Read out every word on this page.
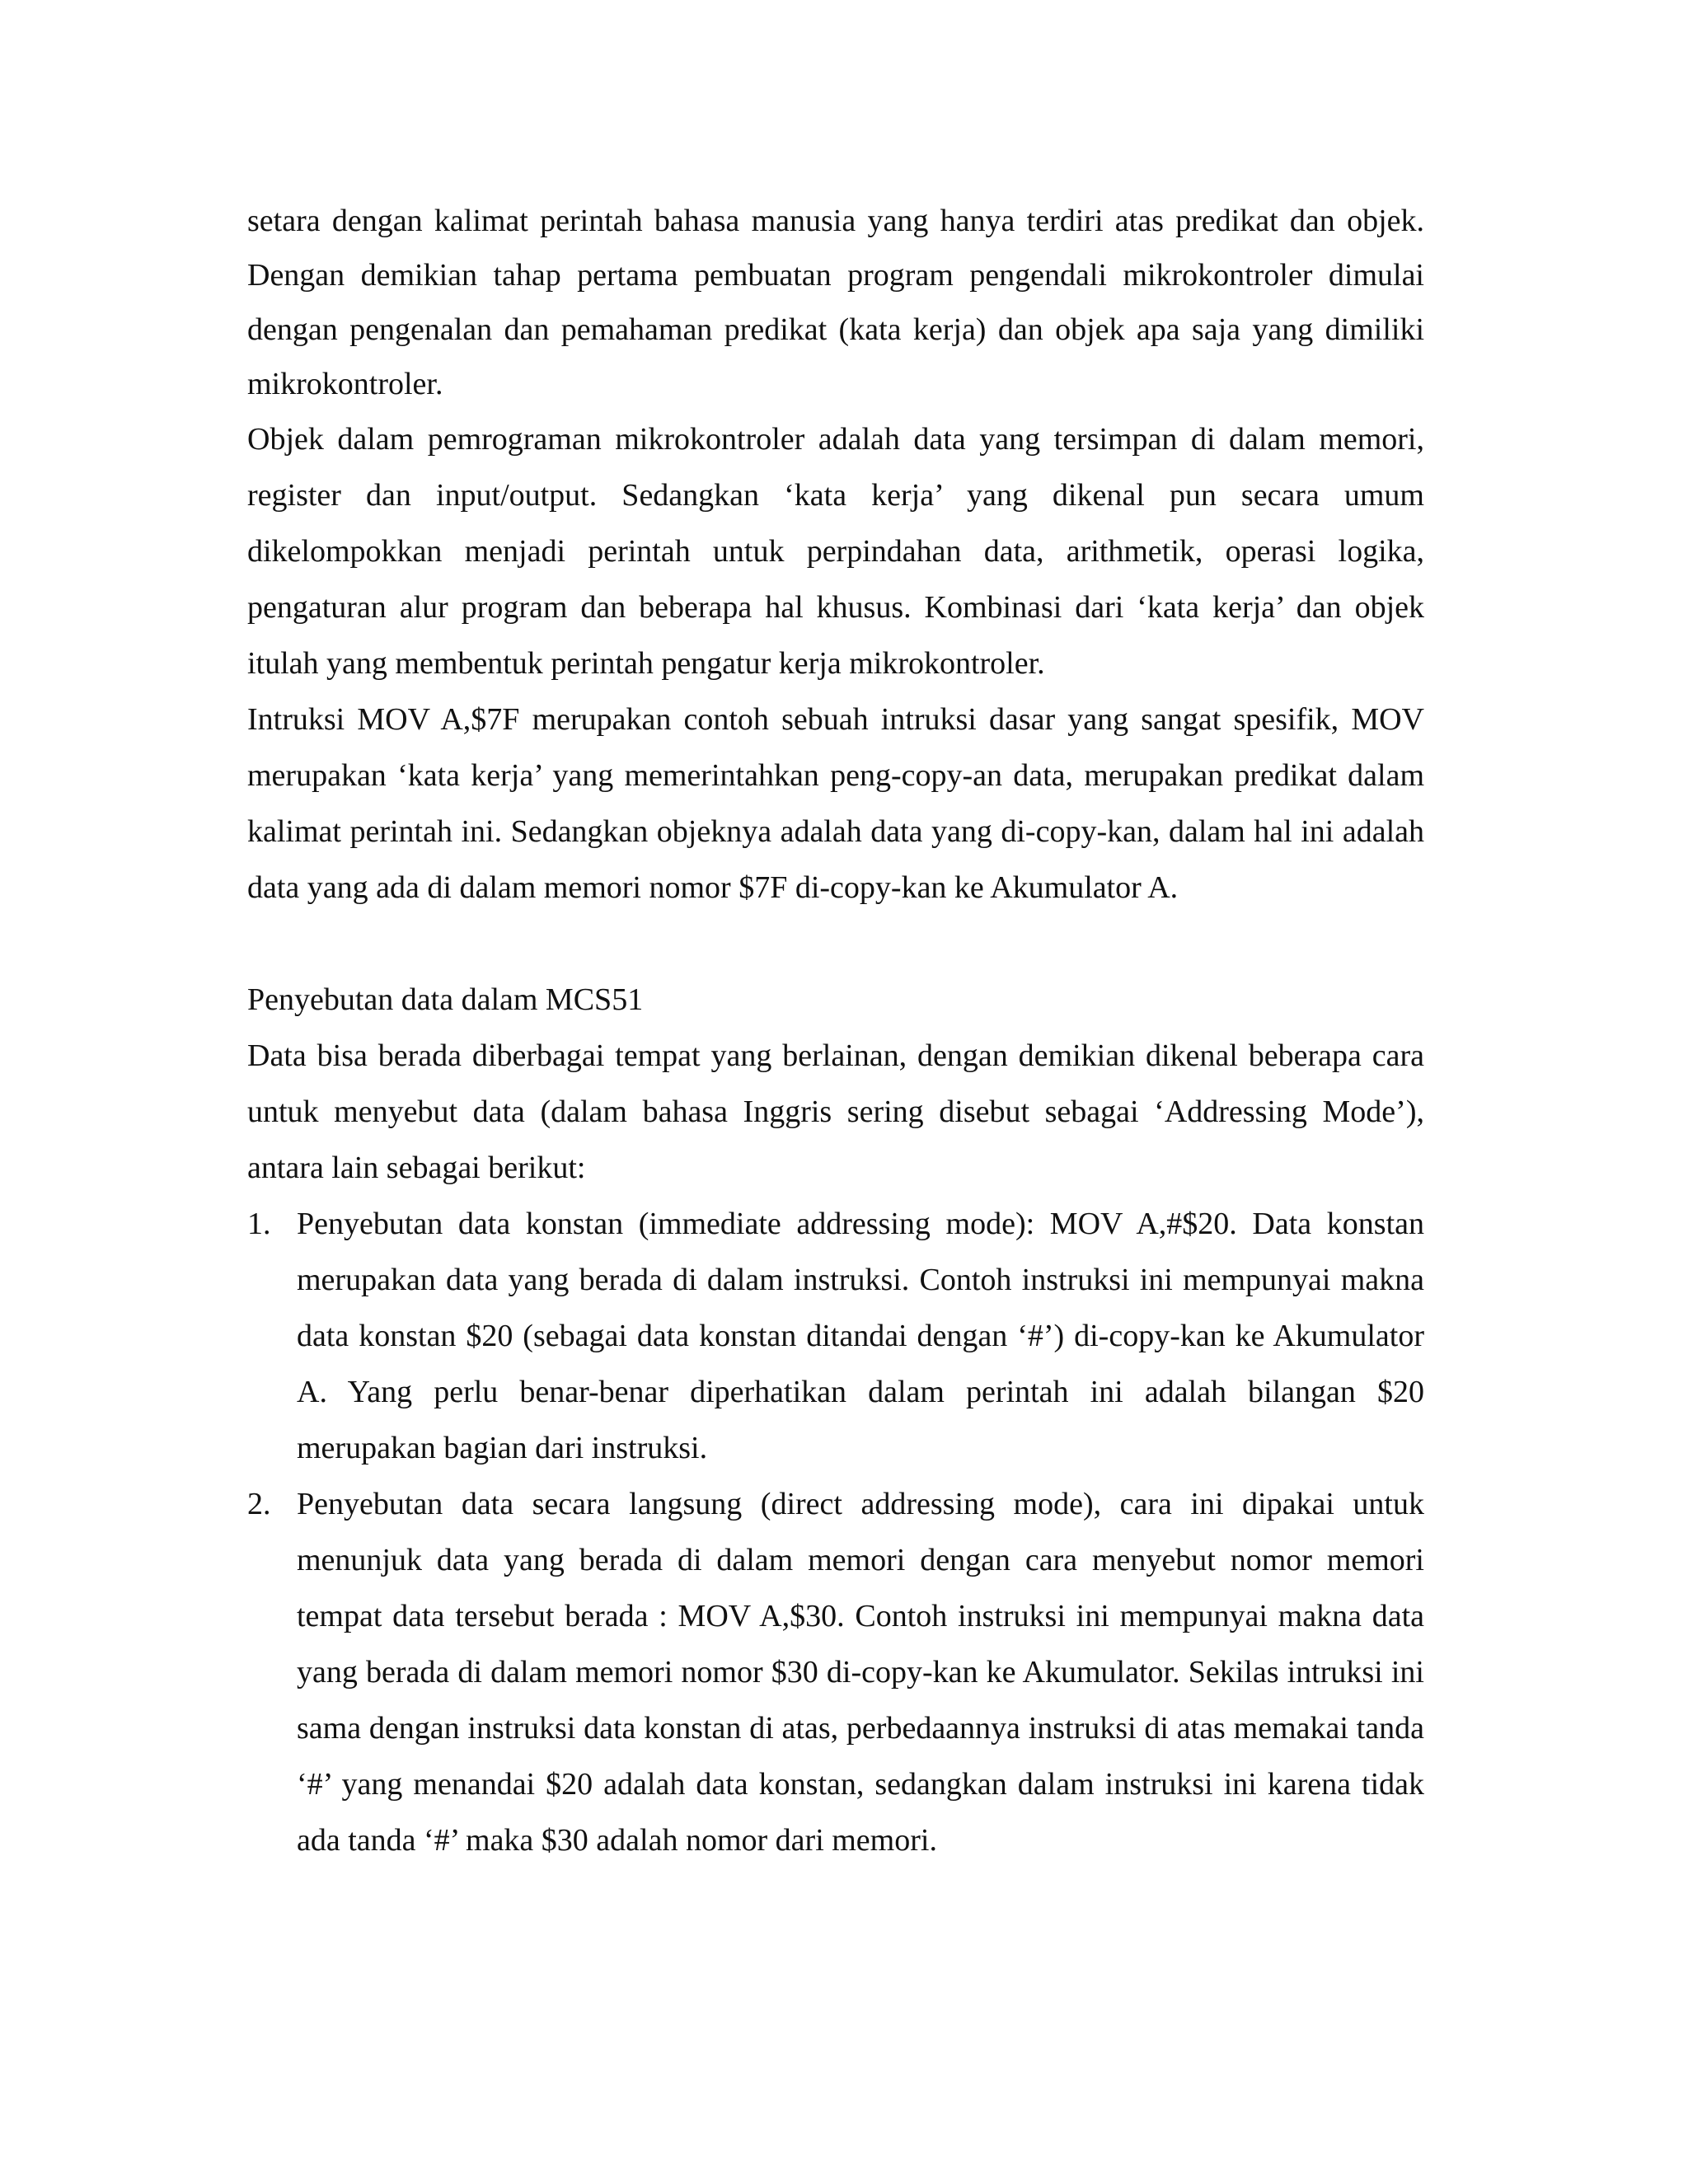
setara dengan kalimat perintah bahasa manusia yang hanya terdiri atas predikat dan objek. Dengan demikian tahap pertama pembuatan program pengendali mikrokontroler dimulai dengan pengenalan dan pemahaman predikat (kata kerja) dan objek apa saja yang dimiliki mikrokontroler.

Objek dalam pemrograman mikrokontroler adalah data yang tersimpan di dalam memori, register dan input/output. Sedangkan ‘kata kerja’ yang dikenal pun secara umum dikelompokkan menjadi perintah untuk perpindahan data, arithmetik, operasi logika, pengaturan alur program dan beberapa hal khusus. Kombinasi dari ‘kata kerja’ dan objek itulah yang membentuk perintah pengatur kerja mikrokontroler.

Intruksi MOV A,$7F merupakan contoh sebuah intruksi dasar yang sangat spesifik, MOV merupakan ‘kata kerja’ yang memerintahkan peng-copy-an data, merupakan predikat dalam kalimat perintah ini. Sedangkan objeknya adalah data yang di-copy-kan, dalam hal ini adalah data yang ada di dalam memori nomor $7F di-copy-kan ke Akumulator A.

Penyebutan data dalam MCS51

Data bisa berada diberbagai tempat yang berlainan, dengan demikian dikenal beberapa cara untuk menyebut data (dalam bahasa Inggris sering disebut sebagai ‘Addressing Mode’), antara lain sebagai berikut:

1. Penyebutan data konstan (immediate addressing mode): MOV A,#$20. Data konstan merupakan data yang berada di dalam instruksi. Contoh instruksi ini mempunyai makna data konstan $20 (sebagai data konstan ditandai dengan ‘#’) di-copy-kan ke Akumulator A. Yang perlu benar-benar diperhatikan dalam perintah ini adalah bilangan $20 merupakan bagian dari instruksi.
2. Penyebutan data secara langsung (direct addressing mode), cara ini dipakai untuk menunjuk data yang berada di dalam memori dengan cara menyebut nomor memori tempat data tersebut berada : MOV A,$30. Contoh instruksi ini mempunyai makna data yang berada di dalam memori nomor $30 di-copy-kan ke Akumulator. Sekilas intruksi ini sama dengan instruksi data konstan di atas, perbedaannya instruksi di atas memakai tanda ‘#’ yang menandai $20 adalah data konstan, sedangkan dalam instruksi ini karena tidak ada tanda ‘#’ maka $30 adalah nomor dari memori.
